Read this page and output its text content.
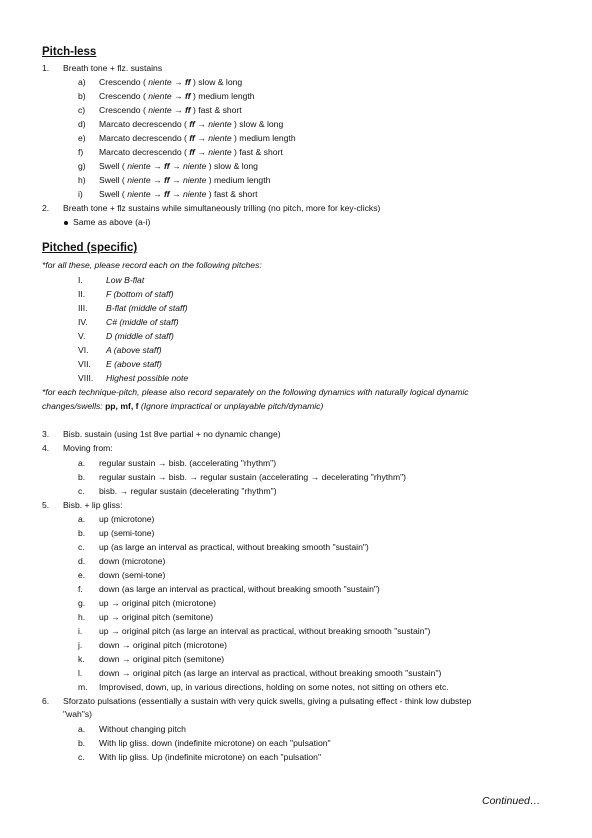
Pitch-less
1. Breath tone + flz. sustains
a) Crescendo ( niente → ff ) slow & long
b) Crescendo ( niente → ff ) medium length
c) Crescendo ( niente → ff ) fast & short
d) Marcato decrescendo ( ff → niente ) slow & long
e) Marcato decrescendo ( ff → niente ) medium length
f) Marcato decrescendo ( ff → niente ) fast & short
g) Swell ( niente → ff → niente ) slow & long
h) Swell ( niente → ff → niente ) medium length
i) Swell ( niente → ff → niente ) fast & short
2. Breath tone + flz sustains while simultaneously trilling (no pitch, more for key-clicks)
Same as above (a-i)
Pitched (specific)
*for all these, please record each on the following pitches:
I.	Low B-flat
II. F (bottom of staff)
III. B-flat (middle of staff)
IV. C# (middle of staff)
V. D (middle of staff)
VI. A (above staff)
VII. E (above staff)
VIII. Highest possible note
*for each technique-pitch, please also record separately on the following dynamics with naturally logical dynamic
changes/swells: pp, mf, f (Ignore impractical or unplayable pitch/dynamic)
3. Bisb. sustain (using 1st 8ve partial + no dynamic change)
4. Moving from:
a. regular sustain → bisb. (accelerating "rhythm")
b. regular sustain → bisb. → regular sustain (accelerating → decelerating "rhythm")
c. bisb. → regular sustain (decelerating "rhythm")
5. Bisb. + lip gliss:
a. up (microtone)
b. up (semi-tone)
c. up (as large an interval as practical, without breaking smooth "sustain")
d. down (microtone)
e. down (semi-tone)
f. down (as large an interval as practical, without breaking smooth "sustain")
g. up → original pitch (microtone)
h. up → original pitch (semitone)
i. up → original pitch (as large an interval as practical, without breaking smooth "sustain")
j. down → original pitch (microtone)
k. down → original pitch (semitone)
l. down → original pitch (as large an interval as practical, without breaking smooth "sustain")
m. Improvised, down, up, in various directions, holding on some notes, not sitting on others etc.
6. Sforzato pulsations (essentially a sustain with very quick swells, giving a pulsating effect - think low dubstep
"wah"s)
a. Without changing pitch
b. With lip gliss. down (indefinite microtone) on each "pulsation"
c. With lip gliss. Up (indefinite microtone) on each "pulsation"
Continued…
